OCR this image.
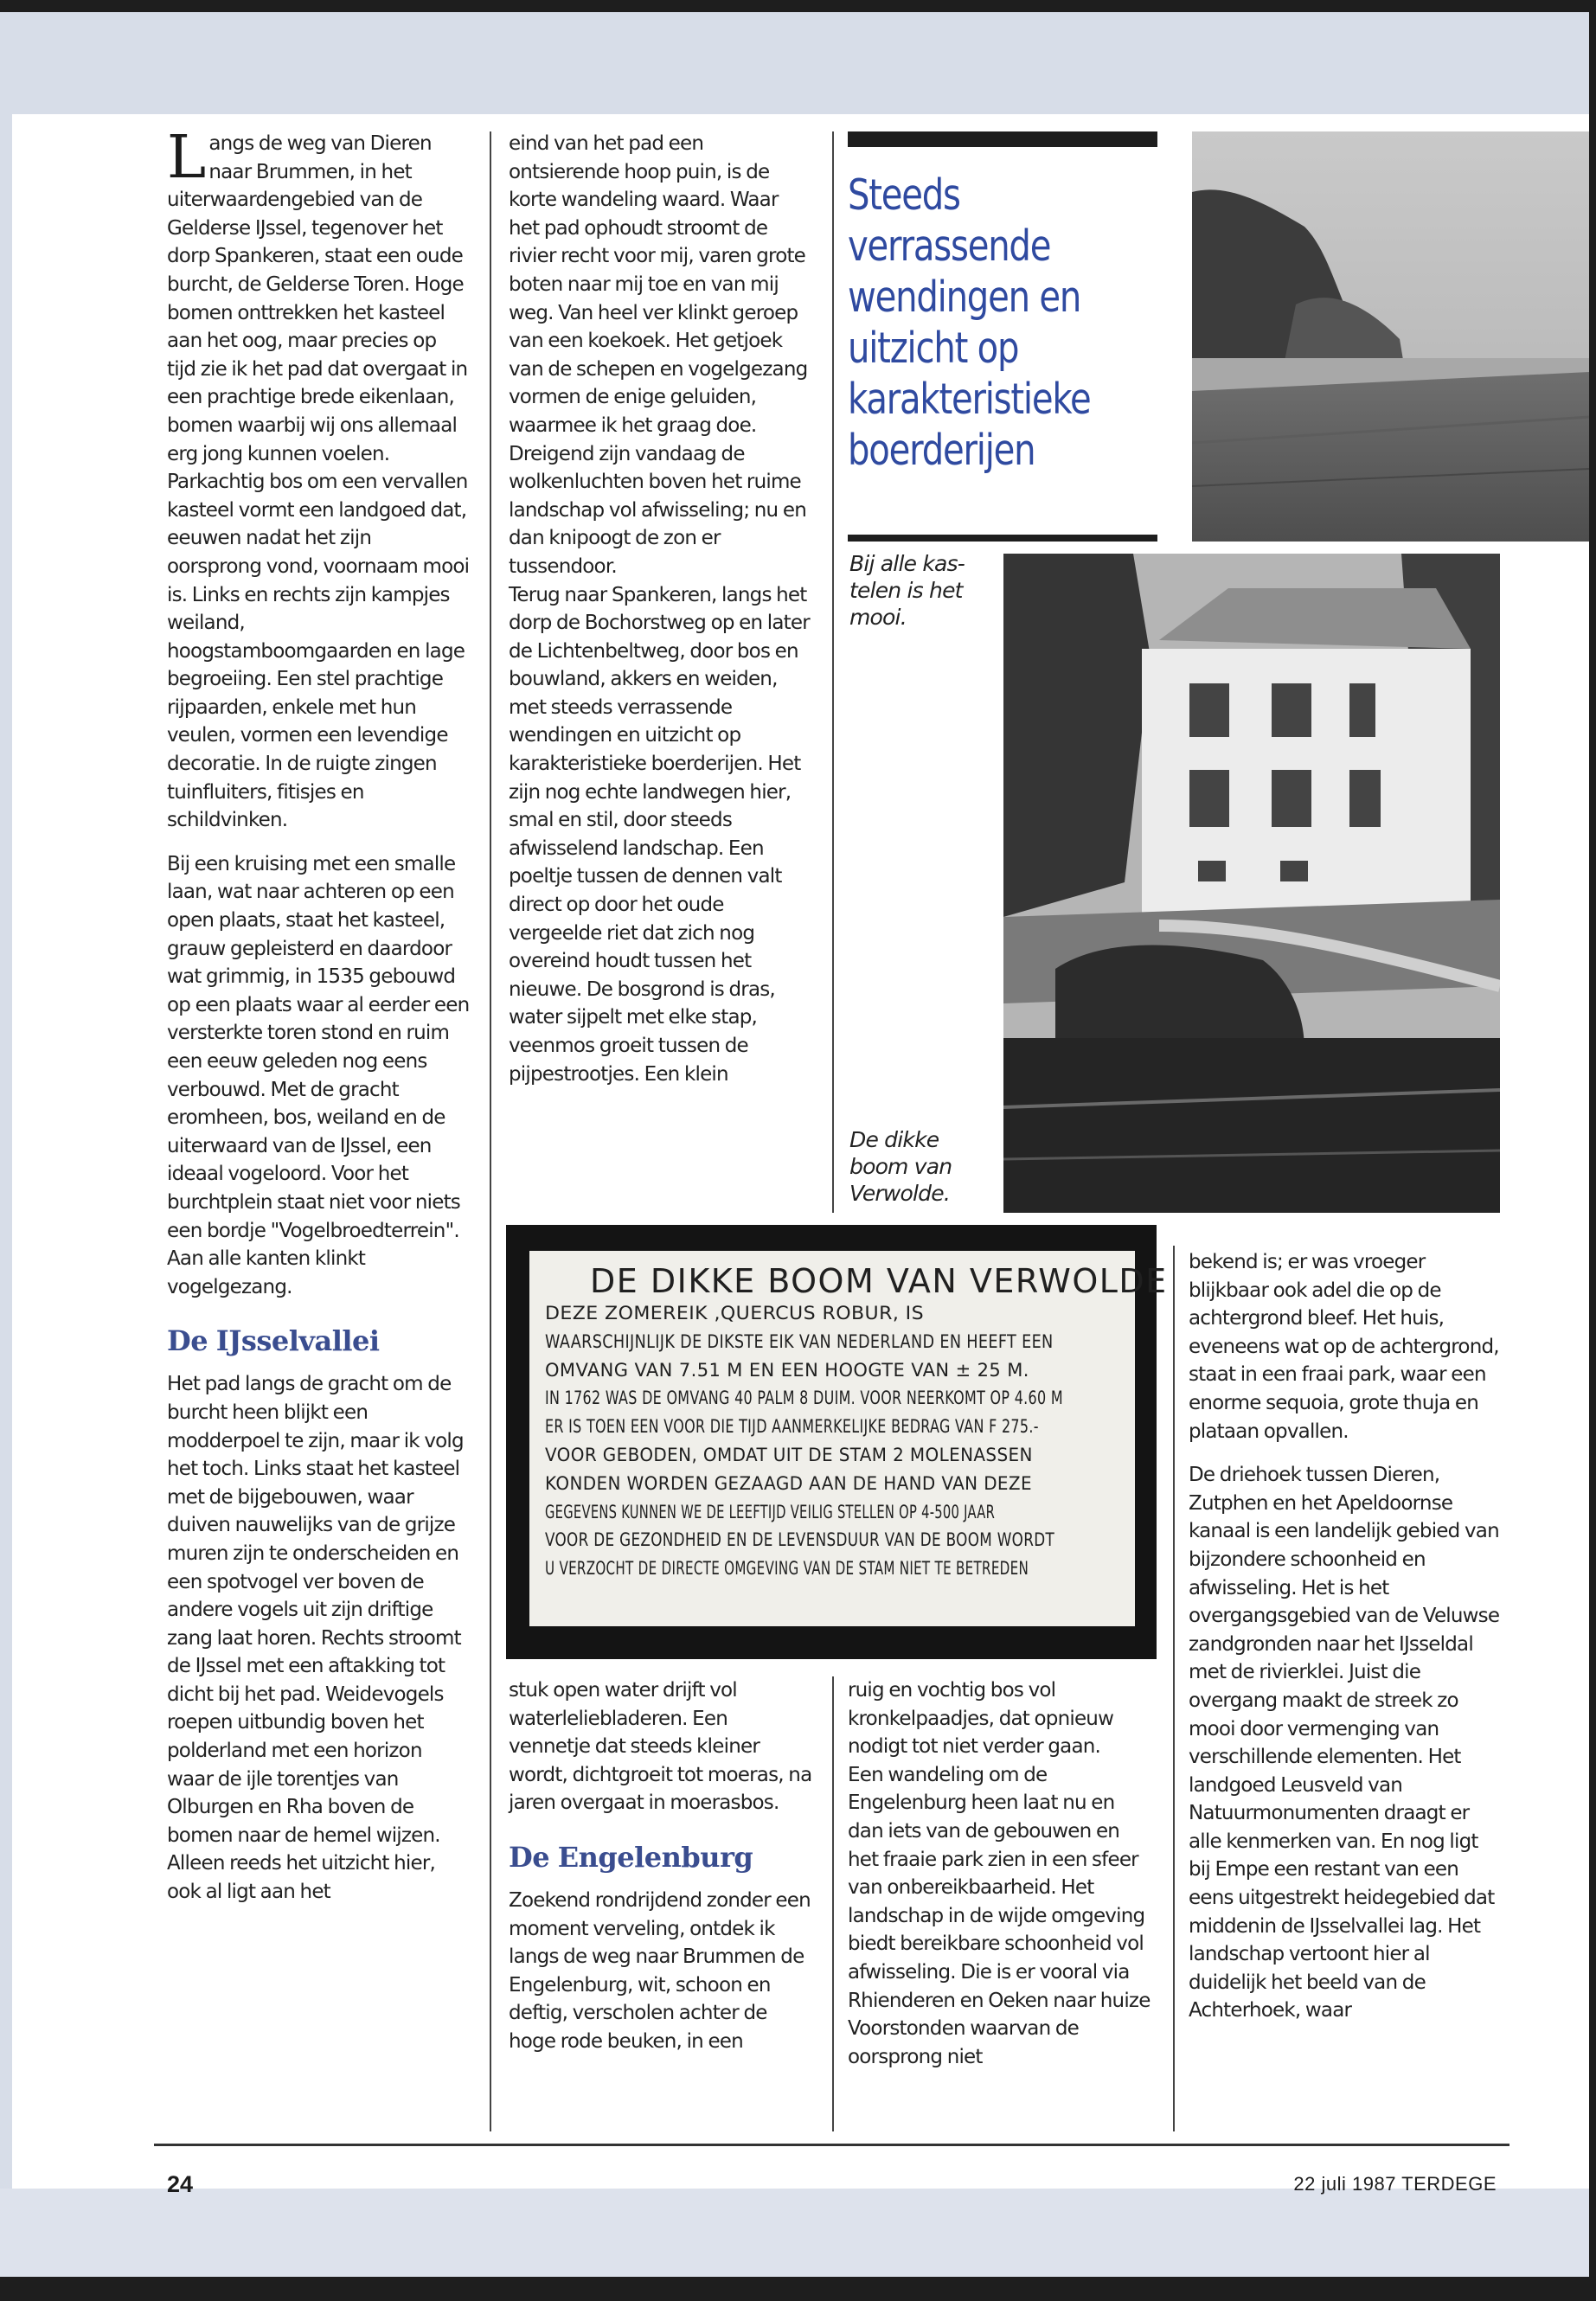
Langs de weg van Dieren naar Brummen, in het uiterwaardengebied van de Gelderse IJssel, tegenover het dorp Spankeren, staat een oude burcht, de Gelderse Toren. Hoge bomen onttrekken het kasteel aan het oog, maar precies op tijd zie ik het pad dat overgaat in een prachtige brede eikenlaan, bomen waarbij wij ons allemaal erg jong kunnen voelen. Parkachtig bos om een vervallen kasteel vormt een landgoed dat, eeuwen nadat het zijn oorsprong vond, voornaam mooi is. Links en rechts zijn kampjes weiland, hoogstamboomgaarden en lage begroeiing. Een stel prachtige rijpaarden, enkele met hun veulen, vormen een levendige decoratie. In de ruigte zingen tuinfluiters, fitisjes en schildvinken.

Bij een kruising met een smalle laan, wat naar achteren op een open plaats, staat het kasteel, grauw gepleisterd en daardoor wat grimmig, in 1535 gebouwd op een plaats waar al eerder een versterkte toren stond en ruim een eeuw geleden nog eens verbouwd. Met de gracht eromheen, bos, weiland en de uiterwaard van de IJssel, een ideaal vogeloord. Voor het burchtplein staat niet voor niets een bordje "Vogelbroedterrein". Aan alle kanten klinkt vogelgezang.

De IJsselvallei

Het pad langs de gracht om de burcht heen blijkt een modderpoel te zijn, maar ik volg het toch. Links staat het kasteel met de bijgebouwen, waar duiven nauwelijks van de grijze muren zijn te onderscheiden en een spotvogel ver boven de andere vogels uit zijn driftige zang laat horen. Rechts stroomt de IJssel met een aftakking tot dicht bij het pad. Weidevogels roepen uitbundig boven het polderland met een horizon waar de ijle torentjes van Olburgen en Rha boven de bomen naar de hemel wijzen. Alleen reeds het uitzicht hier, ook al ligt aan het

eind van het pad een ontsierende hoop puin, is de korte wandeling waard. Waar het pad ophoudt stroomt de rivier recht voor mij, varen grote boten naar mij toe en van mij weg. Van heel ver klinkt geroep van een koekoek. Het getjoek van de schepen en vogelgezang vormen de enige geluiden, waarmee ik het graag doe.

Dreigend zijn vandaag de wolkenluchten boven het ruime landschap vol afwisseling; nu en dan knipoogt de zon er tussendoor.

Terug naar Spankeren, langs het dorp de Bochorstweg op en later de Lichtenbeltweg, door bos en bouwland, akkers en weiden, met steeds verrassende wendingen en uitzicht op karakteristieke boerderijen. Het zijn nog echte landwegen hier, smal en stil, door steeds afwisselend landschap. Een poeltje tussen de dennen valt direct op door het oude vergeelde riet dat zich nog overeind houdt tussen het nieuwe. De bosgrond is dras, water sijpelt met elke stap, veenmos groeit tussen de pijpestrootjes. Een klein

stuk open water drijft vol waterleliebladeren. Een vennetje dat steeds kleiner wordt, dichtgroeit tot moeras, na jaren overgaat in moerasbos.

De Engelenburg

Zoekend rondrijdend zonder een moment verveling, ontdek ik langs de weg naar Brummen de Engelenburg, wit, schoon en deftig, verscholen achter de hoge rode beuken, in een

Steeds
verrassende
wendingen en
uitzicht op
karakteristieke
boerderijen
Bij alle kas-
telen is het
mooi.
De dikke
boom van
Verwolde.
DE DIKKE BOOM VAN VERWOLDE
DEZE ZOMEREIK ,QUERCUS ROBUR, IS
WAARSCHIJNLIJK DE DIKSTE EIK VAN NEDERLAND EN HEEFT EEN
OMVANG VAN 7.51 M EN EEN HOOGTE VAN ± 25 M.
IN 1762 WAS DE OMVANG 40 PALM 8 DUIM. VOOR NEERKOMT OP 4.60 M
ER IS TOEN EEN VOOR DIE TIJD AANMERKELIJKE BEDRAG VAN F 275.-
VOOR GEBODEN, OMDAT UIT DE STAM 2 MOLENASSEN
KONDEN WORDEN GEZAAGD AAN DE HAND VAN DEZE
GEGEVENS KUNNEN WE DE LEEFTIJD VEILIG STELLEN OP 4-500 JAAR
VOOR DE GEZONDHEID EN DE LEVENSDUUR VAN DE BOOM WORDT
U VERZOCHT DE DIRECTE OMGEVING VAN DE STAM NIET TE BETREDEN

ruig en vochtig bos vol kronkelpaadjes, dat opnieuw nodigt tot niet verder gaan.

Een wandeling om de Engelenburg heen laat nu en dan iets van de gebouwen en het fraaie park zien in een sfeer van onbereikbaarheid. Het landschap in de wijde omgeving biedt bereikbare schoonheid vol afwisseling. Die is er vooral via Rhienderen en Oeken naar huize Voorstonden waarvan de oorsprong niet

bekend is; er was vroeger blijkbaar ook adel die op de achtergrond bleef. Het huis, eveneens wat op de achtergrond, staat in een fraai park, waar een enorme sequoia, grote thuja en plataan opvallen.

De driehoek tussen Dieren, Zutphen en het Apeldoornse kanaal is een landelijk gebied van bijzondere schoonheid en afwisseling. Het is het overgangsgebied van de Veluwse zandgronden naar het IJsseldal met de rivierklei. Juist die overgang maakt de streek zo mooi door vermenging van verschillende elementen. Het landgoed Leusveld van Natuurmonumenten draagt er alle kenmerken van. En nog ligt bij Empe een restant van een eens uitgestrekt heidegebied dat middenin de IJsselvallei lag. Het landschap vertoont hier al duidelijk het beeld van de Achterhoek, waar

24	22 juli 1987 TERDEGE
